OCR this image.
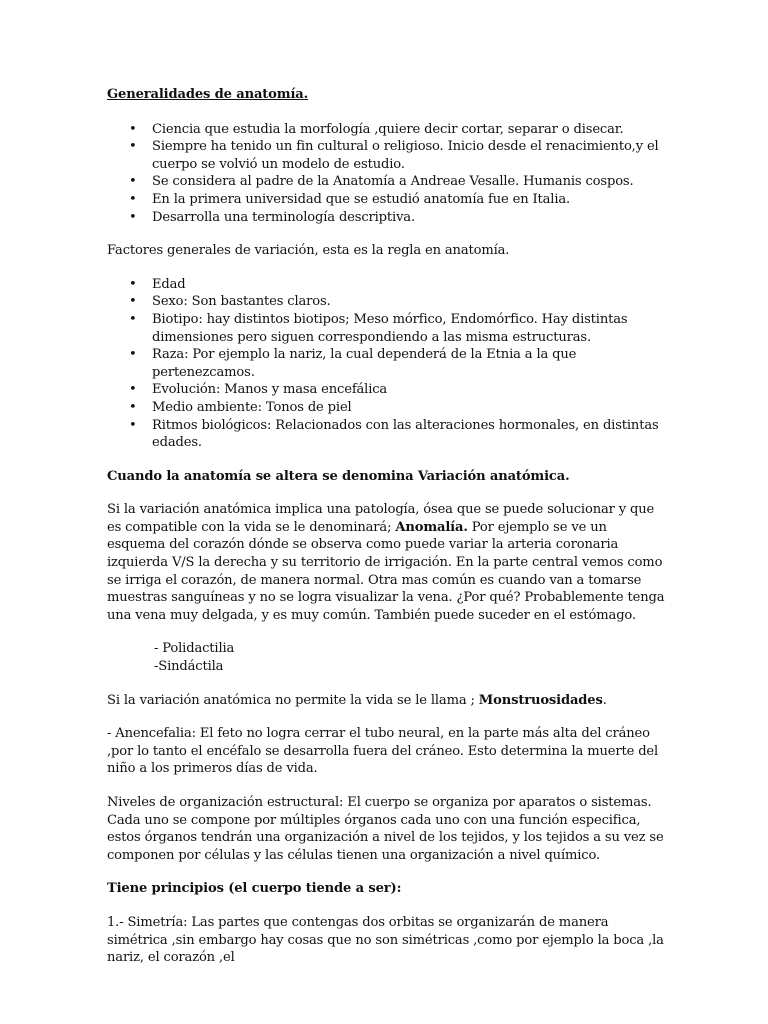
Generalidades de anatomía.

• Ciencia que estudia la morfología ,quiere decir cortar, separar o disecar.
• Siempre ha tenido un fin cultural o religioso. Inicio desde el renacimiento,y el cuerpo se volvió un modelo de estudio.
• Se considera al padre de la Anatomía a Andreae Vesalle. Humanis cospos.
• En la primera universidad que se estudió anatomía fue en Italia.
• Desarrolla una terminología descriptiva.

Factores generales de variación, esta es la regla en anatomía.

• Edad
• Sexo: Son bastantes claros.
• Biotipo: hay distintos biotipos; Meso mórfico, Endomórfico. Hay distintas dimensiones pero siguen correspondiendo a las misma estructuras.
• Raza: Por ejemplo la nariz, la cual dependerá de la Etnia a la que pertenezcamos.
• Evolución: Manos y masa encefálica
• Medio ambiente: Tonos de piel
• Ritmos biológicos: Relacionados con las alteraciones hormonales, en distintas edades.

Cuando la anatomía se altera se denomina Variación anatómica.

Si la variación anatómica implica una patología, ósea que se puede solucionar y que es compatible con la vida se le denominará; Anomalía. Por ejemplo se ve un esquema del corazón dónde se observa como puede variar la arteria coronaria izquierda V/S la derecha y su territorio de irrigación. En la parte central vemos como se irriga el corazón, de manera normal. Otra mas común es cuando van a tomarse muestras sanguíneas y no se logra visualizar la vena. ¿Por qué? Probablemente tenga una vena muy delgada, y es muy común. También puede suceder en el estómago.

- Polidactilia

-Sindáctila

Si la variación anatómica no permite la vida se le llama ; Monstruosidades.

- Anencefalia: El feto no logra cerrar el tubo neural, en la parte más alta del cráneo ,por lo tanto el encéfalo se desarrolla fuera del cráneo. Esto determina la muerte del niño a los primeros días de vida.

Niveles de organización estructural: El cuerpo se organiza por aparatos o sistemas. Cada uno se compone por múltiples órganos cada uno con una función especifica, estos órganos tendrán una organización a nivel de los tejidos, y los tejidos a su vez se componen por células y las células tienen una organización a nivel químico.

Tiene principios (el cuerpo tiende a ser):

1.- Simetría: Las partes que contengas dos orbitas se organizarán de manera simétrica ,sin embargo hay cosas que no son simétricas ,como por ejemplo la boca ,la nariz, el corazón ,el
